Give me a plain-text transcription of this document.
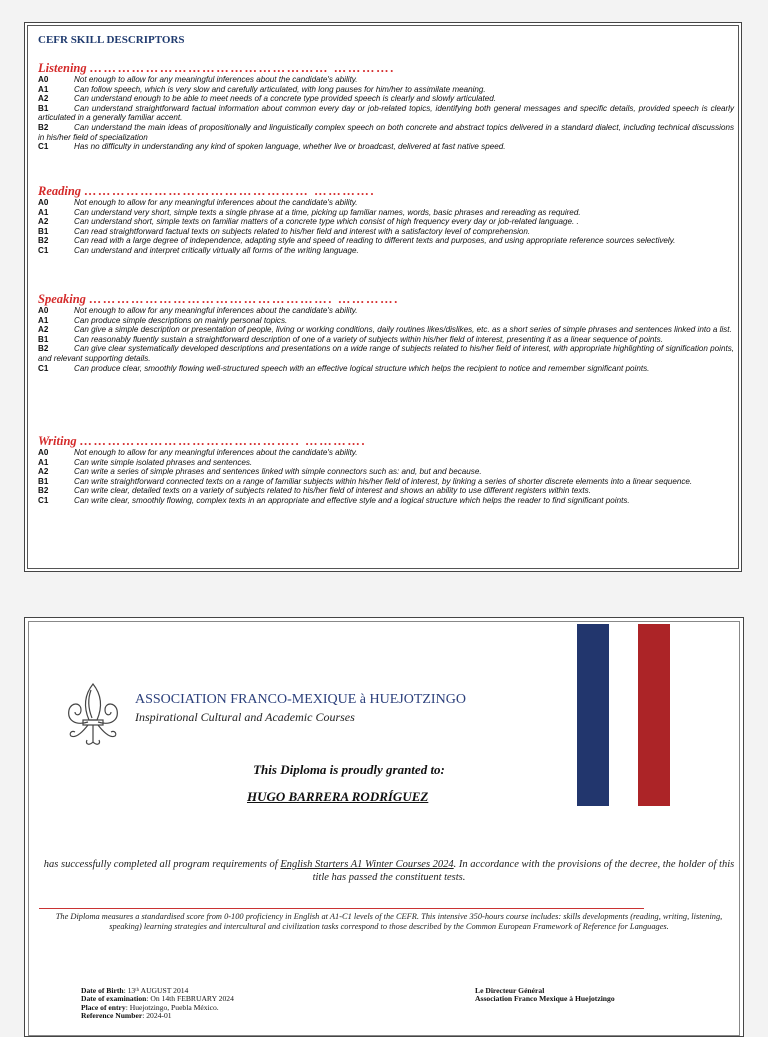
CEFR SKILL DESCRIPTORS
Listening …………………………………………… ………….
A0	Not enough to allow for any meaningful inferences about the candidate's ability.
A1	Can follow speech, which is very slow and carefully articulated, with long pauses for him/her to assimilate meaning.
A2	Can understand enough to be able to meet needs of a concrete type provided speech is clearly and slowly articulated.
B1	Can understand straightforward factual information about common every day or job-related topics, identifying both general messages and specific details, provided speech is clearly articulated in a generally familiar accent.
B2	Can understand the main ideas of propositionally and linguistically complex speech on both concrete and abstract topics delivered in a standard dialect, including technical discussions in his/her field of specialization
C1	Has no difficulty in understanding any kind of spoken language, whether live or broadcast, delivered at fast native speed.
Reading ………………………………………… ………….
A0	Not enough to allow for any meaningful inferences about the candidate's ability.
A1	Can understand very short, simple texts a single phrase at a time, picking up familiar names, words, basic phrases and rereading as required.
A2	Can understand short, simple texts on familiar matters of a concrete type which consist of high frequency every day or job-related language. .
B1	Can read straightforward factual texts on subjects related to his/her field and interest with a satisfactory level of comprehension.
B2	Can read with a large degree of independence, adapting style and speed of reading to different texts and purposes, and using appropriate reference sources selectively.
C1	Can understand and interpret critically virtually all forms of the writing language.
Speaking ……………………………………………. ………….
A0	Not enough to allow for any meaningful inferences about the candidate's ability.
A1	Can produce simple descriptions on mainly personal topics.
A2	Can give a simple description or presentation of people, living or working conditions, daily routines likes/dislikes, etc. as a short series of simple phrases and sentences linked into a list.
B1	Can reasonably fluently sustain a straightforward description of one of a variety of subjects within his/her field of interest, presenting it as a linear sequence of points.
B2	Can give clear systematically developed descriptions and presentations on a wide range of subjects related to his/her field of interest, with appropriate highlighting of signification points, and relevant supporting details.
C1	Can produce clear, smoothly flowing well-structured speech with an effective logical structure which helps the recipient to notice and remember significant points.
Writing ……………………………………….. ………….
A0	Not enough to allow for any meaningful inferences about the candidate's ability.
A1	Can write simple isolated phrases and sentences.
A2	Can write a series of simple phrases and sentences linked with simple connectors such as: and, but and because.
B1	Can write straightforward connected texts on a range of familiar subjects within his/her field of interest, by linking a series of shorter discrete elements into a linear sequence.
B2	Can write clear, detailed texts on a variety of subjects related to his/her field of interest and shows an ability to use different registers within texts.
C1	Can write clear, smoothly flowing, complex texts in an appropriate and effective style and a logical structure which helps the reader to find significant points.
ASSOCIATION FRANCO-MEXIQUE à HUEJOTZINGO
Inspirational Cultural and Academic Courses
This Diploma is proudly granted to:
HUGO BARRERA RODRÍGUEZ
has successfully completed all program requirements of English Starters A1 Winter Courses 2024. In accordance with the provisions of the decree, the holder of this title has passed the constituent tests.
The Diploma measures a standardised score from 0-100 proficiency in English at A1-C1 levels of the CEFR. This intensive 350-hours course includes: skills developments (reading, writing, listening, speaking) learning strategies and intercultural and civilization tasks correspond to those described by the Common European Framework of Reference for Languages.
Date of Birth: 13ᵗʰ AUGUST 2014
Date of examination: On 14th FEBRUARY 2024
Place of entry: Huejotzingo, Puebla México.
Reference Number: 2024-01
Le Directeur Général
Association Franco Mexique à Huejotzingo
